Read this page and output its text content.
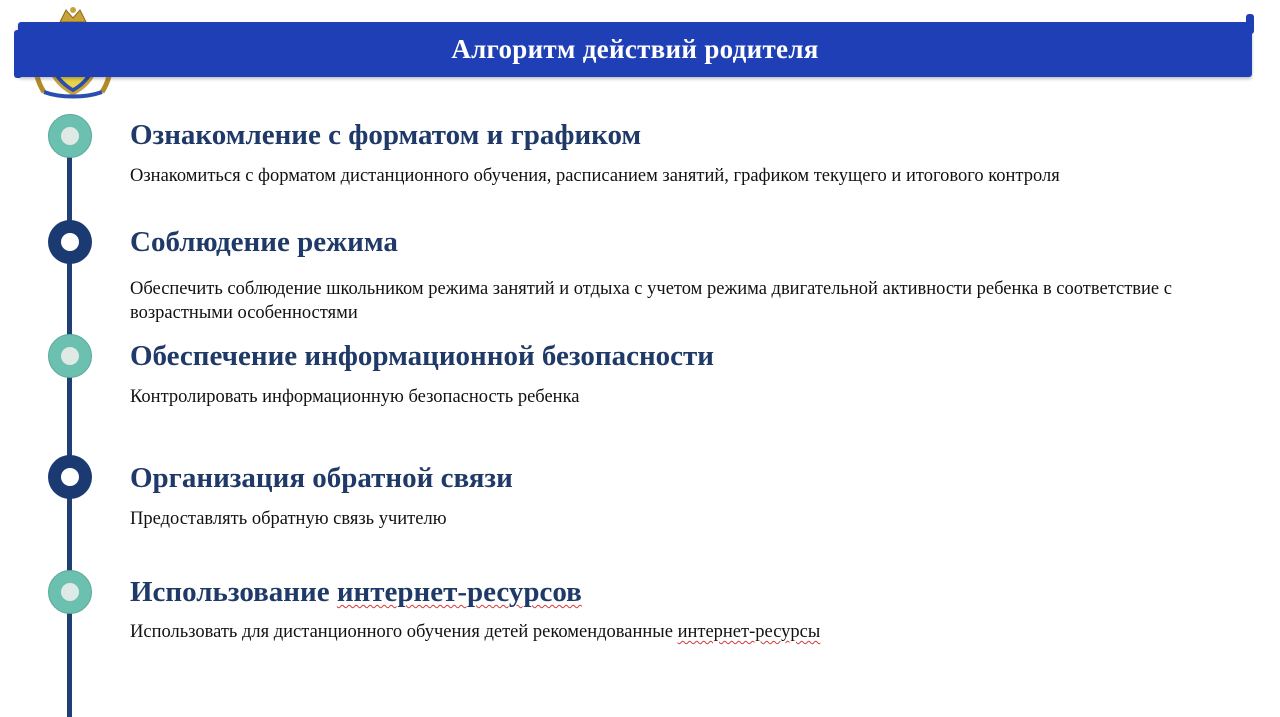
Алгоритм действий родителя
Ознакомление с форматом и графиком

Ознакомиться с форматом дистанционного обучения, расписанием занятий, графиком текущего и итогового контроля

Соблюдение режима

Обеспечить соблюдение школьником режима занятий и отдыха с учетом режима двигательной активности ребенка в соответствие с возрастными особенностями

Обеспечение информационной безопасности

Контролировать информационную безопасность ребенка

Организация обратной связи

Предоставлять обратную связь учителю

Использование интернет-ресурсов

Использовать для дистанционного обучения детей рекомендованные интернет-ресурсы
